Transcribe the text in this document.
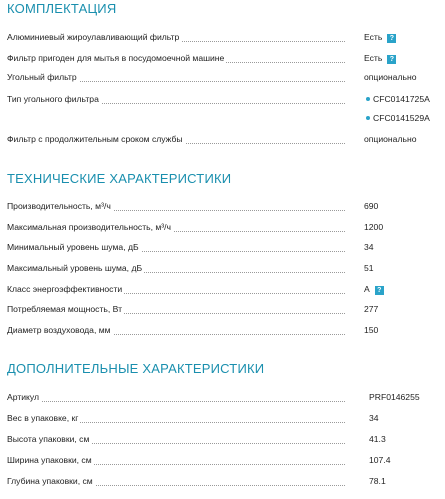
КОМПЛЕКТАЦИЯ
Алюминиевый жироулавливающий фильтр	Есть ?
Фильтр пригоден для мытья в посудомоечной машине	Есть ?
Угольный фильтр	опционально
Тип угольного фильтра	CFC0141725A
CFC0141529A
Фильтр с продолжительным сроком службы	опционально
ТЕХНИЧЕСКИЕ ХАРАКТЕРИСТИКИ
Производительность, м³/ч	690
Максимальная производительность, м³/ч	1200
Минимальный уровень шума, дБ	34
Максимальный уровень шума, дБ	51
Класс энергоэффективности	A ?
Потребляемая мощность, Вт	277
Диаметр воздуховода, мм	150
ДОПОЛНИТЕЛЬНЫЕ ХАРАКТЕРИСТИКИ
Артикул	PRF0146255
Вес в упаковке, кг	34
Высота упаковки, см	41.3
Ширина упаковки, см	107.4
Глубина упаковки, см	78.1
